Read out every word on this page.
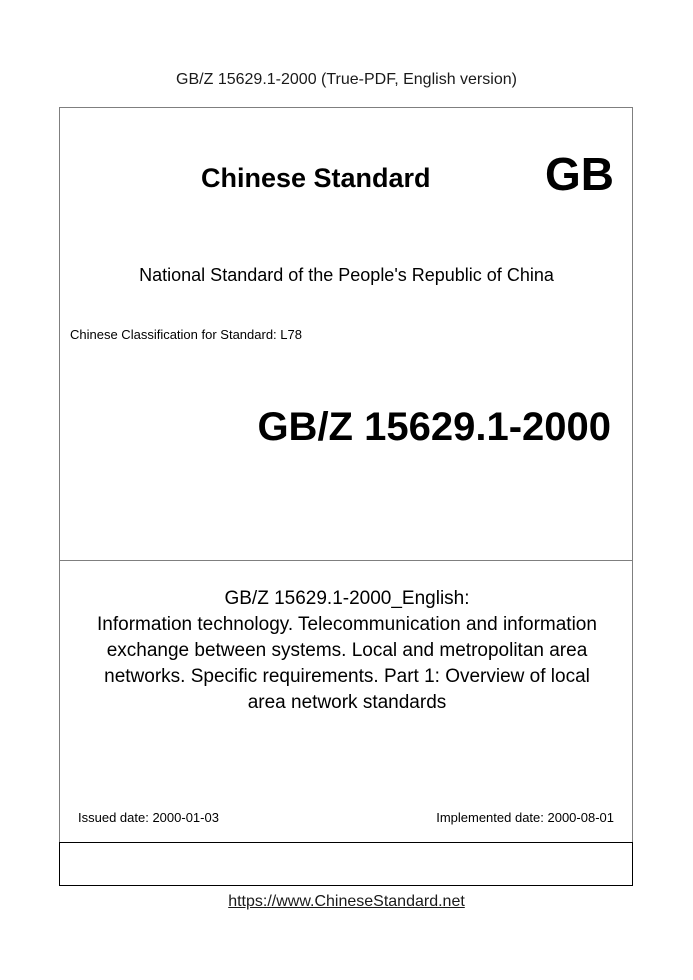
GB/Z 15629.1-2000 (True-PDF, English version)
Chinese Standard GB
National Standard of the People's Republic of China
Chinese Classification for Standard: L78
GB/Z 15629.1-2000
GB/Z 15629.1-2000_English:
Information technology. Telecommunication and information
exchange between systems. Local and metropolitan area
networks. Specific requirements. Part 1: Overview of local
area network standards
Issued date: 2000-01-03	Implemented date: 2000-08-01
https://www.ChineseStandard.net
